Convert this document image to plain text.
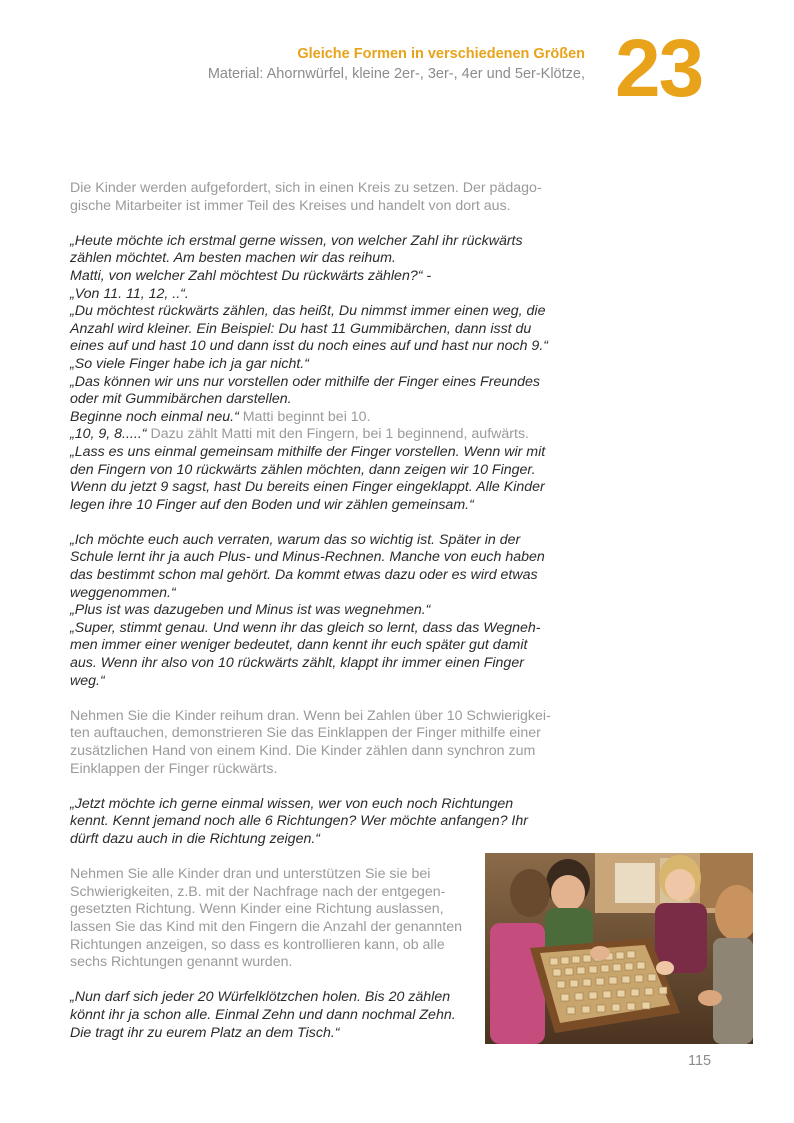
Gleiche Formen in verschiedenen Größen
Material: Ahornwürfel, kleine 2er-, 3er-, 4er und 5er-Klötze, 23
Die Kinder werden aufgefordert, sich in einen Kreis zu setzen. Der pädago-
gische Mitarbeiter ist immer Teil des Kreises und handelt von dort aus.
„Heute möchte ich erstmal gerne wissen, von welcher Zahl ihr rückwärts
zählen möchtet. Am besten machen wir das reihum.
Matti, von welcher Zahl möchtest Du rückwärts zählen?“ -
„Von 11. 11, 12, ..“.
„Du möchtest rückwärts zählen, das heißt, Du nimmst immer einen weg, die
Anzahl wird kleiner. Ein Beispiel: Du hast 11 Gummibärchen, dann isst du
eines auf und hast 10 und dann isst du noch eines auf und hast nur noch 9.“
„So viele Finger habe ich ja gar nicht.“
„Das können wir uns nur vorstellen oder mithilfe der Finger eines Freundes
oder mit Gummibärchen darstellen.
Beginne noch einmal neu.“ Matti beginnt bei 10.
„10, 9, 8.....“ Dazu zählt Matti mit den Fingern, bei 1 beginnend, aufwärts.
„Lass es uns einmal gemeinsam mithilfe der Finger vorstellen. Wenn wir mit
den Fingern von 10 rückwärts zählen möchten, dann zeigen wir 10 Finger.
Wenn du jetzt 9 sagst, hast Du bereits einen Finger eingeklappt. Alle Kinder
legen ihre 10 Finger auf den Boden und wir zählen gemeinsam.“
„Ich möchte euch auch verraten, warum das so wichtig ist. Später in der
Schule lernt ihr ja auch Plus- und Minus-Rechnen. Manche von euch haben
das bestimmt schon mal gehört. Da kommt etwas dazu oder es wird etwas
weggenommen.“
„Plus ist was dazugeben und Minus ist was wegnehmen.“
„Super, stimmt genau. Und wenn ihr das gleich so lernt, dass das Wegneh-
men immer einer weniger bedeutet, dann kennt ihr euch später gut damit
aus. Wenn ihr also von 10 rückwärts zählt, klappt ihr immer einen Finger
weg.“
Nehmen Sie die Kinder reihum dran. Wenn bei Zahlen über 10 Schwierigkei-
ten auftauchen, demonstrieren Sie das Einklappen der Finger mithilfe einer
zusätzlichen Hand von einem Kind. Die Kinder zählen dann synchron zum
Einklappen der Finger rückwärts.
„Jetzt möchte ich gerne einmal wissen, wer von euch noch Richtungen
kennt. Kennt jemand noch alle 6 Richtungen? Wer möchte anfangen? Ihr
dürft dazu auch in die Richtung zeigen.“
Nehmen Sie alle Kinder dran und unterstützen Sie sie bei
Schwierigkeiten, z.B. mit der Nachfrage nach der entgegen-
gesetzten Richtung. Wenn Kinder eine Richtung auslassen,
lassen Sie das Kind mit den Fingern die Anzahl der genannten
Richtungen anzeigen, so dass es kontrollieren kann, ob alle
sechs Richtungen genannt wurden.
„Nun darf sich jeder 20 Würfelklötzchen holen. Bis 20 zählen
könnt ihr ja schon alle. Einmal Zehn und dann nochmal Zehn.
Die tragt ihr zu eurem Platz an dem Tisch.“
115
